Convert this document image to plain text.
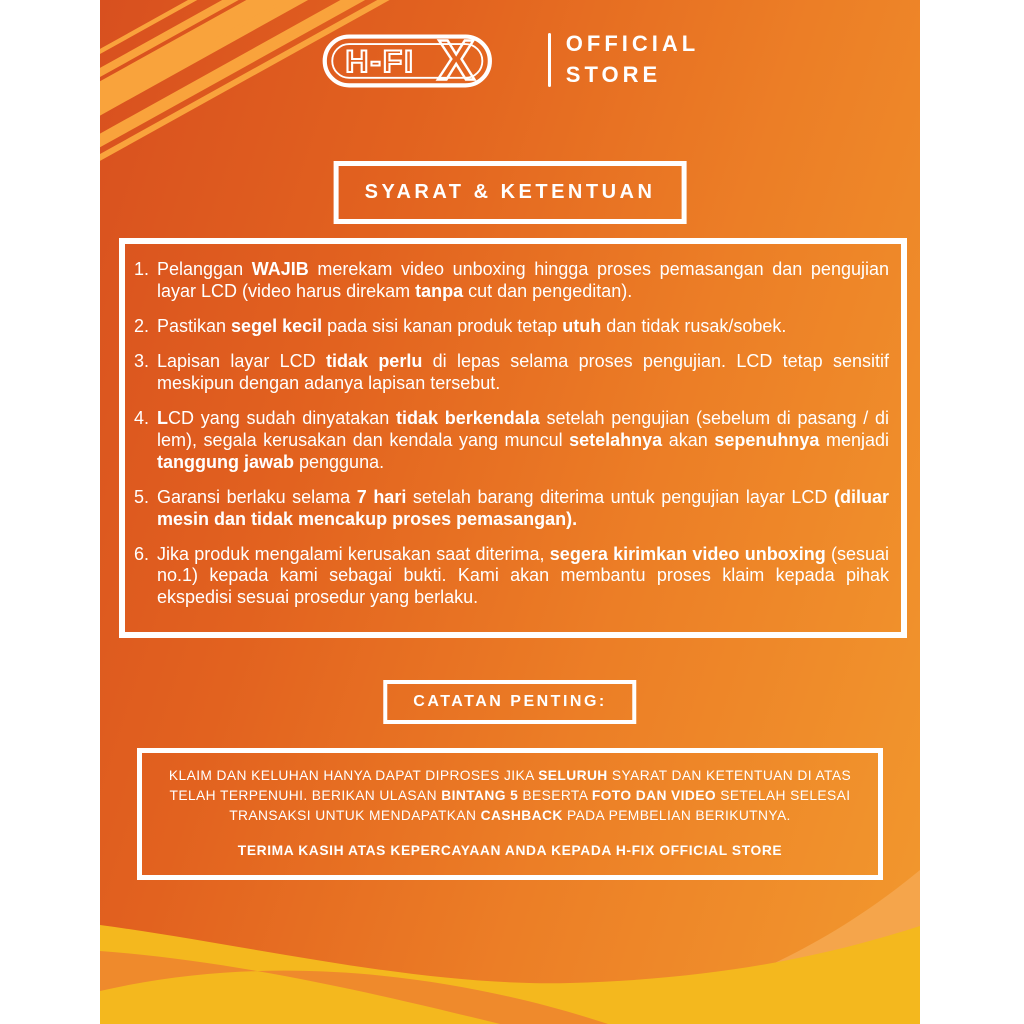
H-FI X	OFFICIAL
STORE
SYARAT & KETENTUAN
1. Pelanggan WAJIB merekam video unboxing hingga proses pemasangan dan pengujian layar LCD (video harus direkam tanpa cut dan pengeditan).
2. Pastikan segel kecil pada sisi kanan produk tetap utuh dan tidak rusak/sobek.
3. Lapisan layar LCD tidak perlu di lepas selama proses pengujian. LCD tetap sensitif meskipun dengan adanya lapisan tersebut.
4. LCD yang sudah dinyatakan tidak berkendala setelah pengujian (sebelum di pasang / di lem), segala kerusakan dan kendala yang muncul setelahnya akan sepenuhnya menjadi tanggung jawab pengguna.
5. Garansi berlaku selama 7 hari setelah barang diterima untuk pengujian layar LCD (diluar mesin dan tidak mencakup proses pemasangan).
6. Jika produk mengalami kerusakan saat diterima, segera kirimkan video unboxing (sesuai no.1) kepada kami sebagai bukti. Kami akan membantu proses klaim kepada pihak ekspedisi sesuai prosedur yang berlaku.
CATATAN PENTING:

KLAIM DAN KELUHAN HANYA DAPAT DIPROSES JIKA SELURUH SYARAT DAN KETENTUAN DI ATAS TELAH TERPENUHI. BERIKAN ULASAN BINTANG 5 BESERTA FOTO DAN VIDEO SETELAH SELESAI TRANSAKSI UNTUK MENDAPATKAN CASHBACK PADA PEMBELIAN BERIKUTNYA.

TERIMA KASIH ATAS KEPERCAYAAN ANDA KEPADA H-FIX OFFICIAL STORE
